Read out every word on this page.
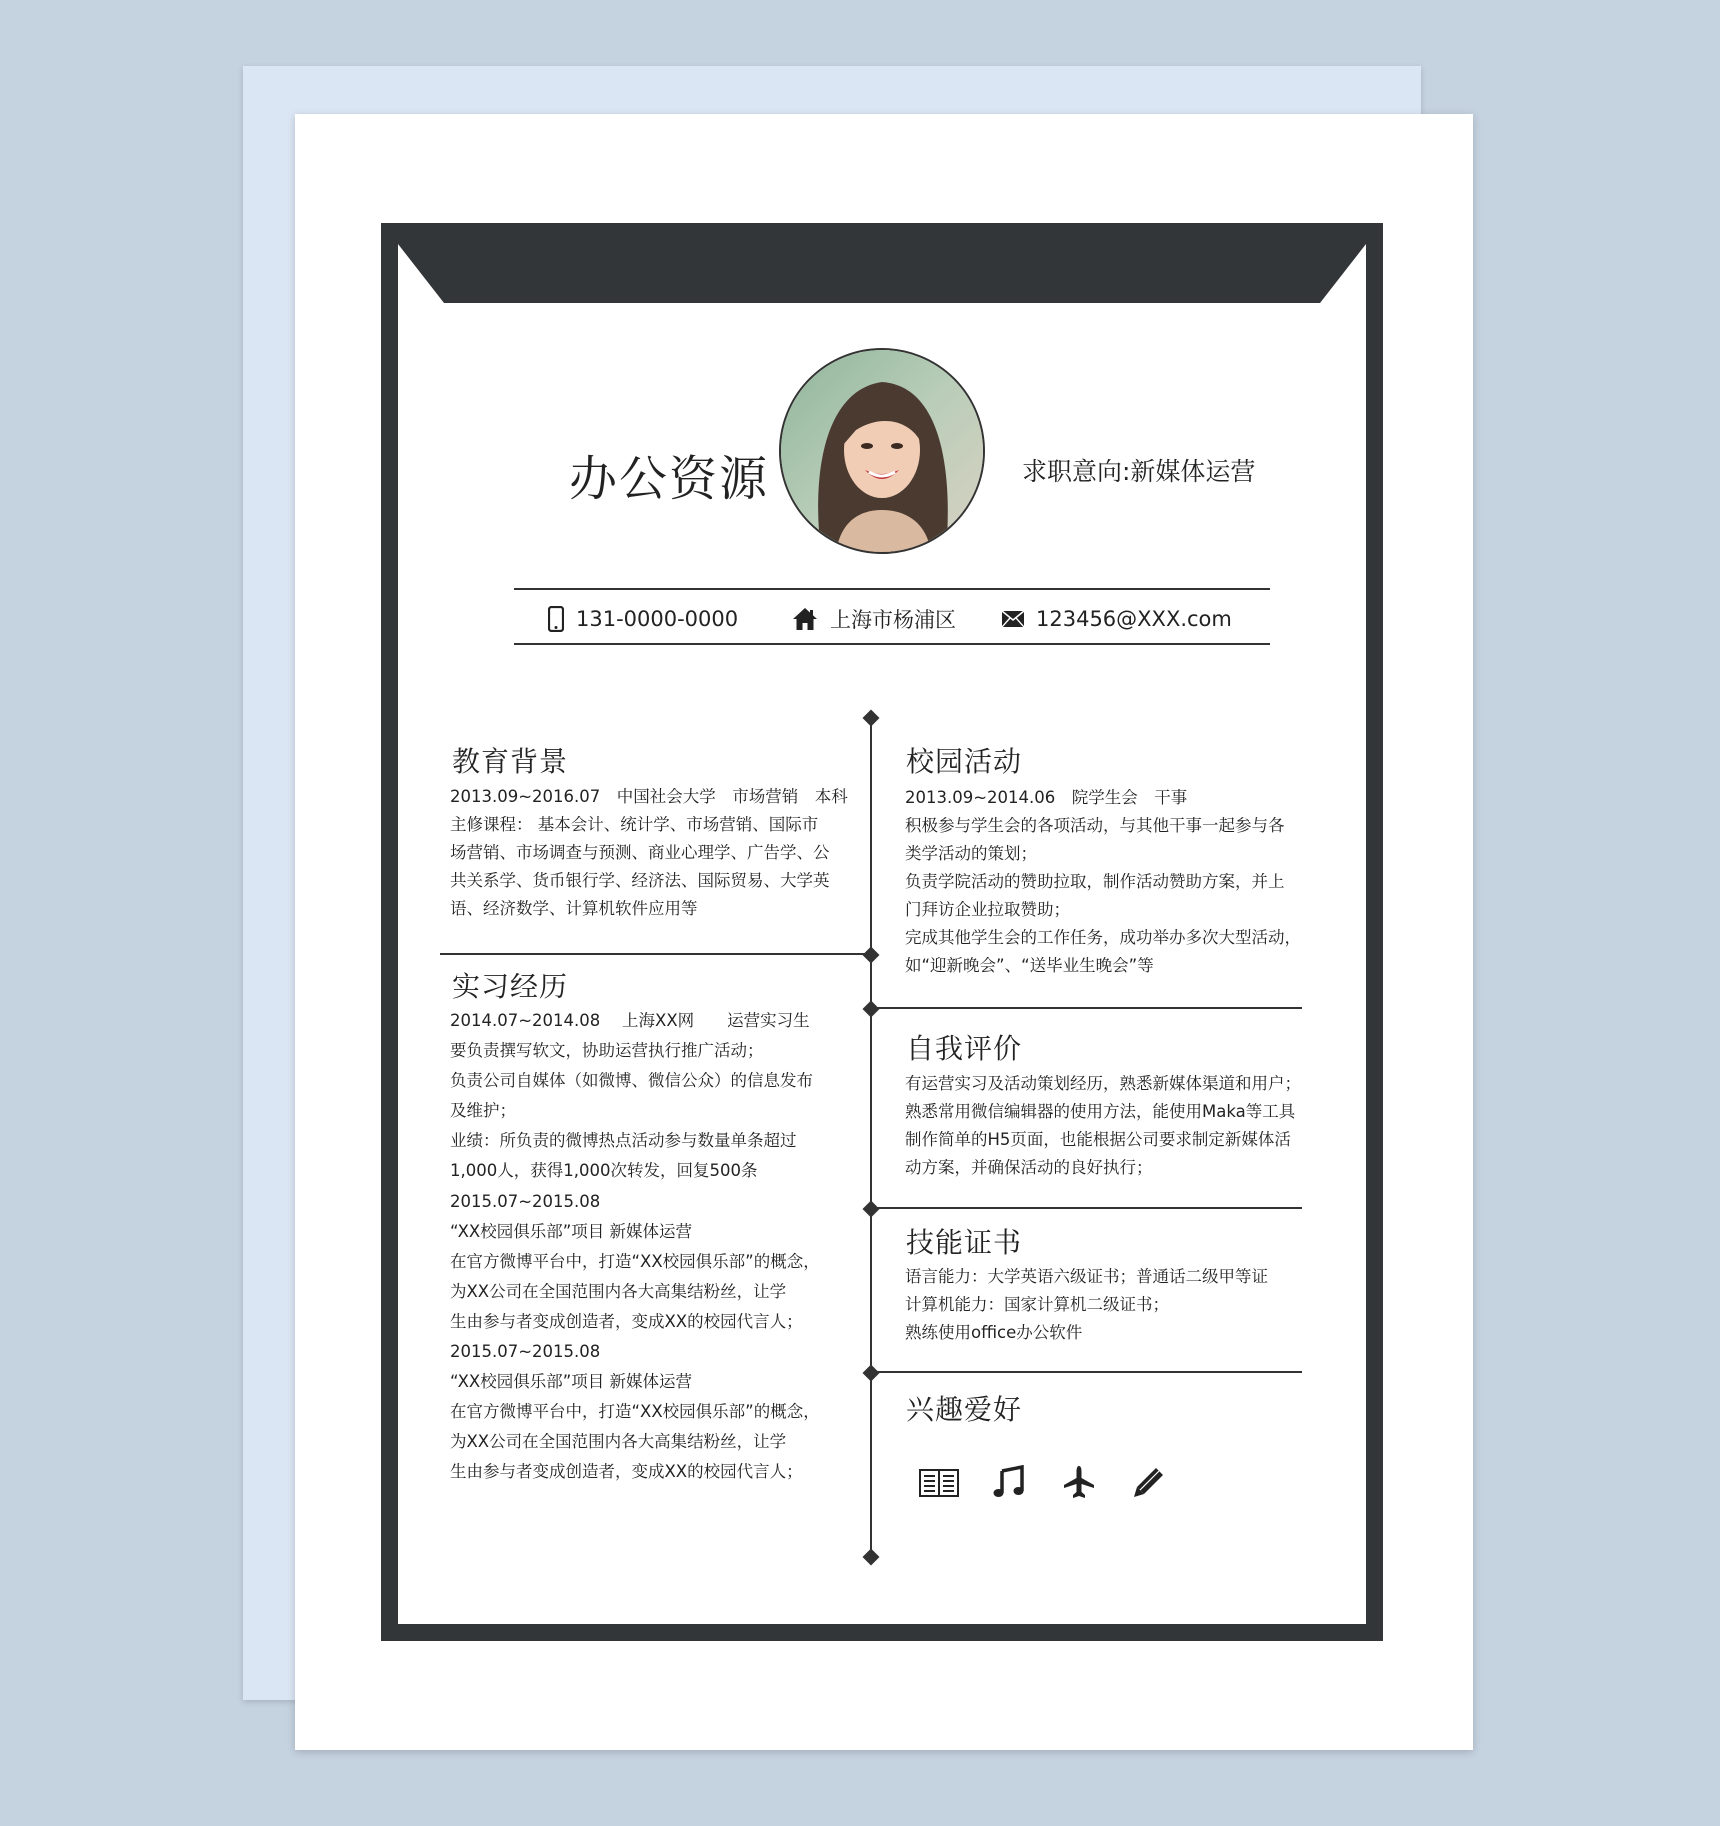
办公资源	求职意向:新媒体运营
131-0000-0000	上海市杨浦区	123456@XXX.com
教育背景
2013.09~2016.07　中国社会大学　市场营销　本科
主修课程： 基本会计、统计学、市场营销、国际市
场营销、市场调查与预测、商业心理学、广告学、公
共关系学、货币银行学、经济法、国际贸易、大学英
语、经济数学、计算机软件应用等
实习经历
2014.07~2014.08　 上海XX网　　运营实习生
要负责撰写软文，协助运营执行推广活动；
负责公司自媒体（如微博、微信公众）的信息发布
及维护；
业绩：所负责的微博热点活动参与数量单条超过
1,000人，获得1,000次转发，回复500条
2015.07~2015.08
“XX校园俱乐部”项目 新媒体运营
在官方微博平台中，打造“XX校园俱乐部”的概念，
为XX公司在全国范围内各大高集结粉丝，让学
生由参与者变成创造者，变成XX的校园代言人；
2015.07~2015.08
“XX校园俱乐部”项目 新媒体运营
在官方微博平台中，打造“XX校园俱乐部”的概念，
为XX公司在全国范围内各大高集结粉丝，让学
生由参与者变成创造者，变成XX的校园代言人；
校园活动
2013.09~2014.06　院学生会　干事
积极参与学生会的各项活动，与其他干事一起参与各
类学活动的策划；
负责学院活动的赞助拉取，制作活动赞助方案，并上
门拜访企业拉取赞助；
完成其他学生会的工作任务，成功举办多次大型活动，
如“迎新晚会”、“送毕业生晚会”等
自我评价
有运营实习及活动策划经历，熟悉新媒体渠道和用户；
熟悉常用微信编辑器的使用方法，能使用Maka等工具
制作简单的H5页面，也能根据公司要求制定新媒体活
动方案，并确保活动的良好执行；
技能证书
语言能力：大学英语六级证书；普通话二级甲等证
计算机能力：国家计算机二级证书；
熟练使用office办公软件
兴趣爱好
